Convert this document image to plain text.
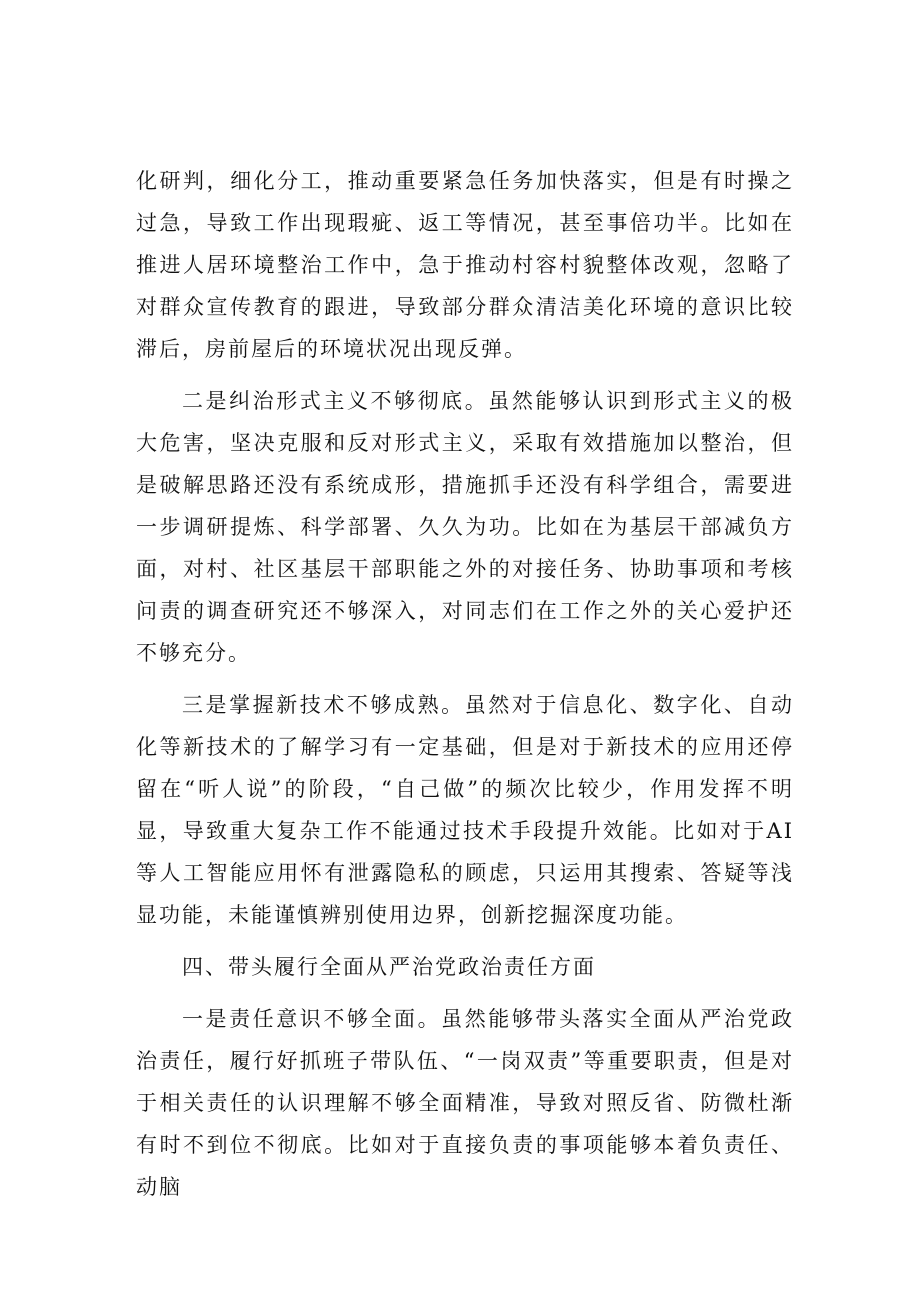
化研判，细化分工，推动重要紧急任务加快落实，但是有时操之过急，导致工作出现瑕疵、返工等情况，甚至事倍功半。比如在推进人居环境整治工作中，急于推动村容村貌整体改观，忽略了对群众宣传教育的跟进，导致部分群众清洁美化环境的意识比较滞后，房前屋后的环境状况出现反弹。

二是纠治形式主义不够彻底。虽然能够认识到形式主义的极大危害，坚决克服和反对形式主义，采取有效措施加以整治，但是破解思路还没有系统成形，措施抓手还没有科学组合，需要进一步调研提炼、科学部署、久久为功。比如在为基层干部减负方面，对村、社区基层干部职能之外的对接任务、协助事项和考核问责的调查研究还不够深入，对同志们在工作之外的关心爱护还不够充分。

三是掌握新技术不够成熟。虽然对于信息化、数字化、自动化等新技术的了解学习有一定基础，但是对于新技术的应用还停留在“听人说”的阶段，“自己做”的频次比较少，作用发挥不明显，导致重大复杂工作不能通过技术手段提升效能。比如对于AI等人工智能应用怀有泄露隐私的顾虑，只运用其搜索、答疑等浅显功能，未能谨慎辨别使用边界，创新挖掘深度功能。

四、带头履行全面从严治党政治责任方面

一是责任意识不够全面。虽然能够带头落实全面从严治党政治责任，履行好抓班子带队伍、“一岗双责”等重要职责，但是对于相关责任的认识理解不够全面精准，导致对照反省、防微杜渐有时不到位不彻底。比如对于直接负责的事项能够本着负责任、动脑
